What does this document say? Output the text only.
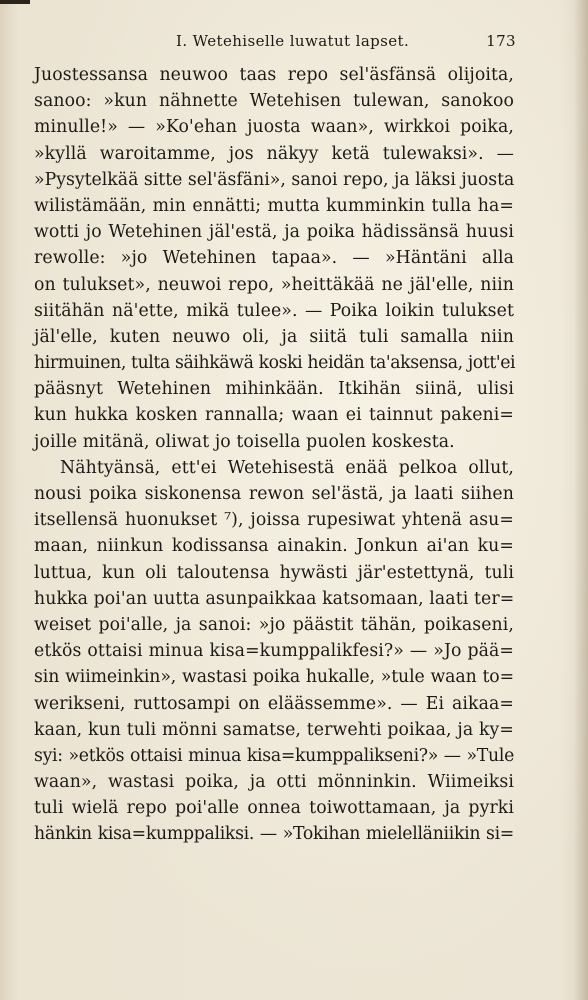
I. Wetehiselle luwatut lapset.	173
Juostessansa neuwoo taas repo sel'äsfänsä olijoita,
sanoo: »kun nähnette Wetehisen tulewan, sanokoo
minulle!» — »Ko'ehan juosta waan», wirkkoi poika,
»kyllä waroitamme, jos näkyy ketä tulewaksi». —
»Pysytelkää sitte sel'äsfäni», sanoi repo, ja läksi juosta
wilistämään, min ennätti; mutta kumminkin tulla ha=
wotti jo Wetehinen jäl'estä, ja poika hädissänsä huusi
rewolle: »jo Wetehinen tapaa». — »Häntäni alla
on tulukset», neuwoi repo, »heittäkää ne jäl'elle, niin
siitähän nä'ette, mikä tulee». — Poika loikin tulukset
jäl'elle, kuten neuwo oli, ja siitä tuli samalla niin
hirmuinen, tulta säihkäwä koski heidän ta'aksensa, jott'ei
pääsnyt Wetehinen mihinkään. Itkihän siinä, ulisi
kun hukka kosken rannalla; waan ei tainnut pakeni=
joille mitänä, oliwat jo toisella puolen koskesta.
Nähtyänsä, ett'ei Wetehisestä enää pelkoa ollut,
nousi poika siskonensa rewon sel'ästä, ja laati siihen
itsellensä huonukset ⁷), joissa rupesiwat yhtenä asu=
maan, niinkun kodissansa ainakin. Jonkun ai'an ku=
luttua, kun oli taloutensa hywästi jär'estettynä, tuli
hukka poi'an uutta asunpaikkaa katsomaan, laati ter=
weiset poi'alle, ja sanoi: »jo päästit tähän, poikaseni,
etkös ottaisi minua kisa=kumppalikfesi?» — »Jo pää=
sin wiimeinkin», wastasi poika hukalle, »tule waan to=
werikseni, ruttosampi on eläässemme». — Ei aikaa=
kaan, kun tuli mönni samatse, terwehti poikaa, ja ky=
syi: »etkös ottaisi minua kisa=kumppalikseni?» — »Tule
waan», wastasi poika, ja otti mönninkin. Wiimeiksi
tuli wielä repo poi'alle onnea toiwottamaan, ja pyrki
hänkin kisa=kumppaliksi. — »Tokihan mielelläniikin si=
